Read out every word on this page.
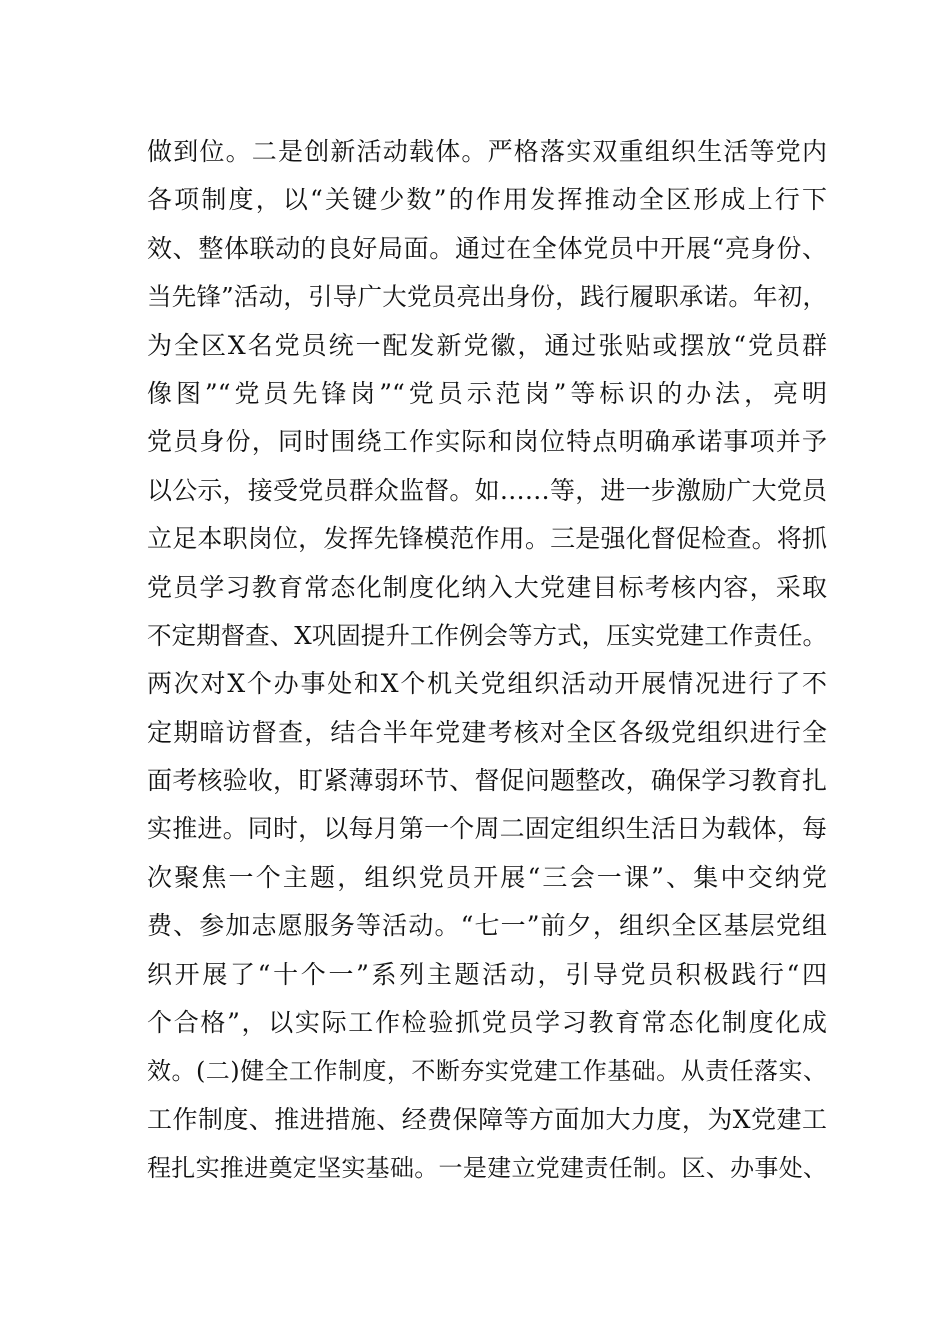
做到位。二是创新活动载体。严格落实双重组织生活等党内
各项制度，以“关键少数”的作用发挥推动全区形成上行下
效、整体联动的良好局面。通过在全体党员中开展“亮身份、
当先锋”活动，引导广大党员亮出身份，践行履职承诺。年初，
为全区X名党员统一配发新党徽，通过张贴或摆放“党员群
像图”“党员先锋岗”“党员示范岗”等标识的办法，亮明
党员身份，同时围绕工作实际和岗位特点明确承诺事项并予
以公示，接受党员群众监督。如……等，进一步激励广大党员
立足本职岗位，发挥先锋模范作用。三是强化督促检查。将抓
党员学习教育常态化制度化纳入大党建目标考核内容，采取
不定期督查、X巩固提升工作例会等方式，压实党建工作责任。
两次对X个办事处和X个机关党组织活动开展情况进行了不
定期暗访督查，结合半年党建考核对全区各级党组织进行全
面考核验收，盯紧薄弱环节、督促问题整改，确保学习教育扎
实推进。同时，以每月第一个周二固定组织生活日为载体，每
次聚焦一个主题，组织党员开展“三会一课”、集中交纳党
费、参加志愿服务等活动。“七一”前夕，组织全区基层党组
织开展了“十个一”系列主题活动，引导党员积极践行“四
个合格”，以实际工作检验抓党员学习教育常态化制度化成
效。(二)健全工作制度，不断夯实党建工作基础。从责任落实、
工作制度、推进措施、经费保障等方面加大力度，为X党建工
程扎实推进奠定坚实基础。一是建立党建责任制。区、办事处、
